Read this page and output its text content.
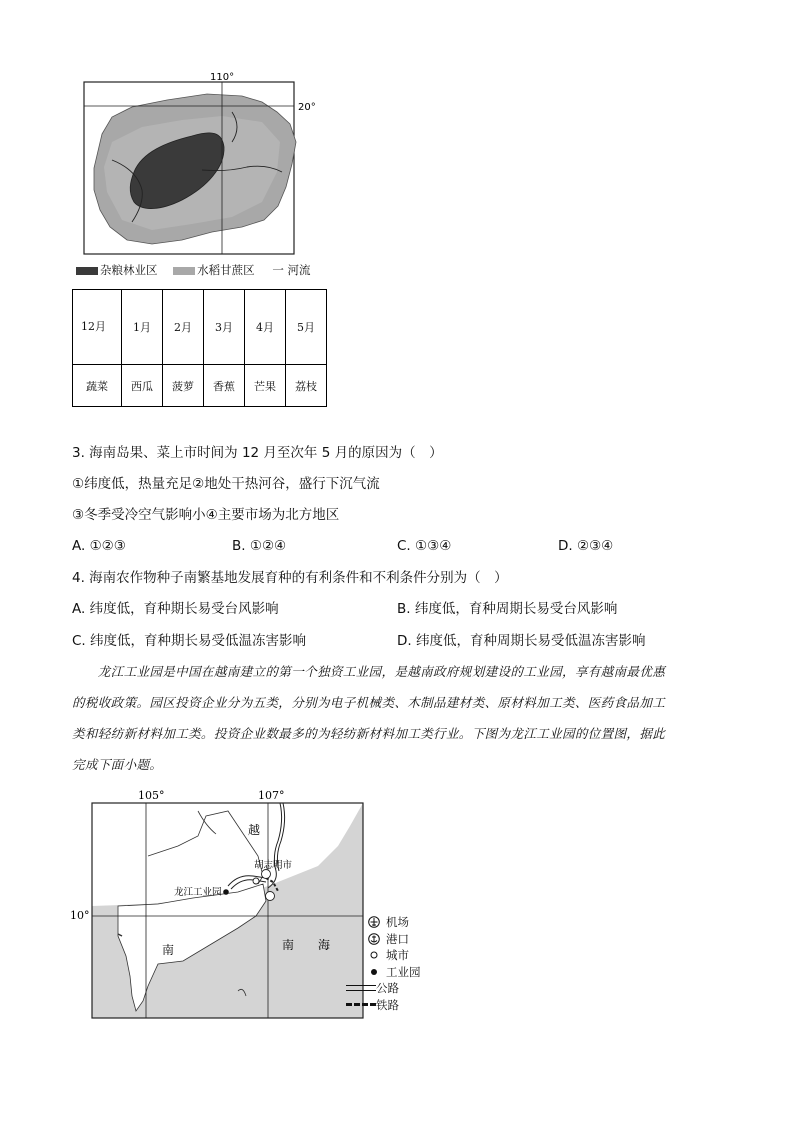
110°
20°
杂粮林业区	水稻甘蔗区 一 河流
12月	1月	2月	3月	4月	5月
蔬菜	西瓜	菠萝	香蕉	芒果	荔枝
3. 海南岛果、菜上市时间为 12 月至次年 5 月的原因为（　）
①纬度低，热量充足②地处干热河谷，盛行下沉气流
③冬季受冷空气影响小④主要市场为北方地区
A. ①②③	B. ①②④	C. ①③④	D. ②③④
4. 海南农作物种子南繁基地发展育种的有利条件和不利条件分别为（　）
A. 纬度低，育种期长易受台风影响	B. 纬度低，育种周期长易受台风影响
C. 纬度低，育种期长易受低温冻害影响	D. 纬度低，育种周期长易受低温冻害影响
　　龙江工业园是中国在越南建立的第一个独资工业园，是越南政府规划建设的工业园，享有越南最优惠
的税收政策。园区投资企业分为五类，分别为电子机械类、木制品建材类、原材料加工类、医药食品加工
类和轻纺新材料加工类。投资企业数最多的为轻纺新材料加工类行业。下图为龙江工业园的位置图，据此
完成下面小题。
105°	107°
10°
越
南	南　　海
胡志明市
龙江工业园
机场
港口
城市
工业园
公路
铁路
